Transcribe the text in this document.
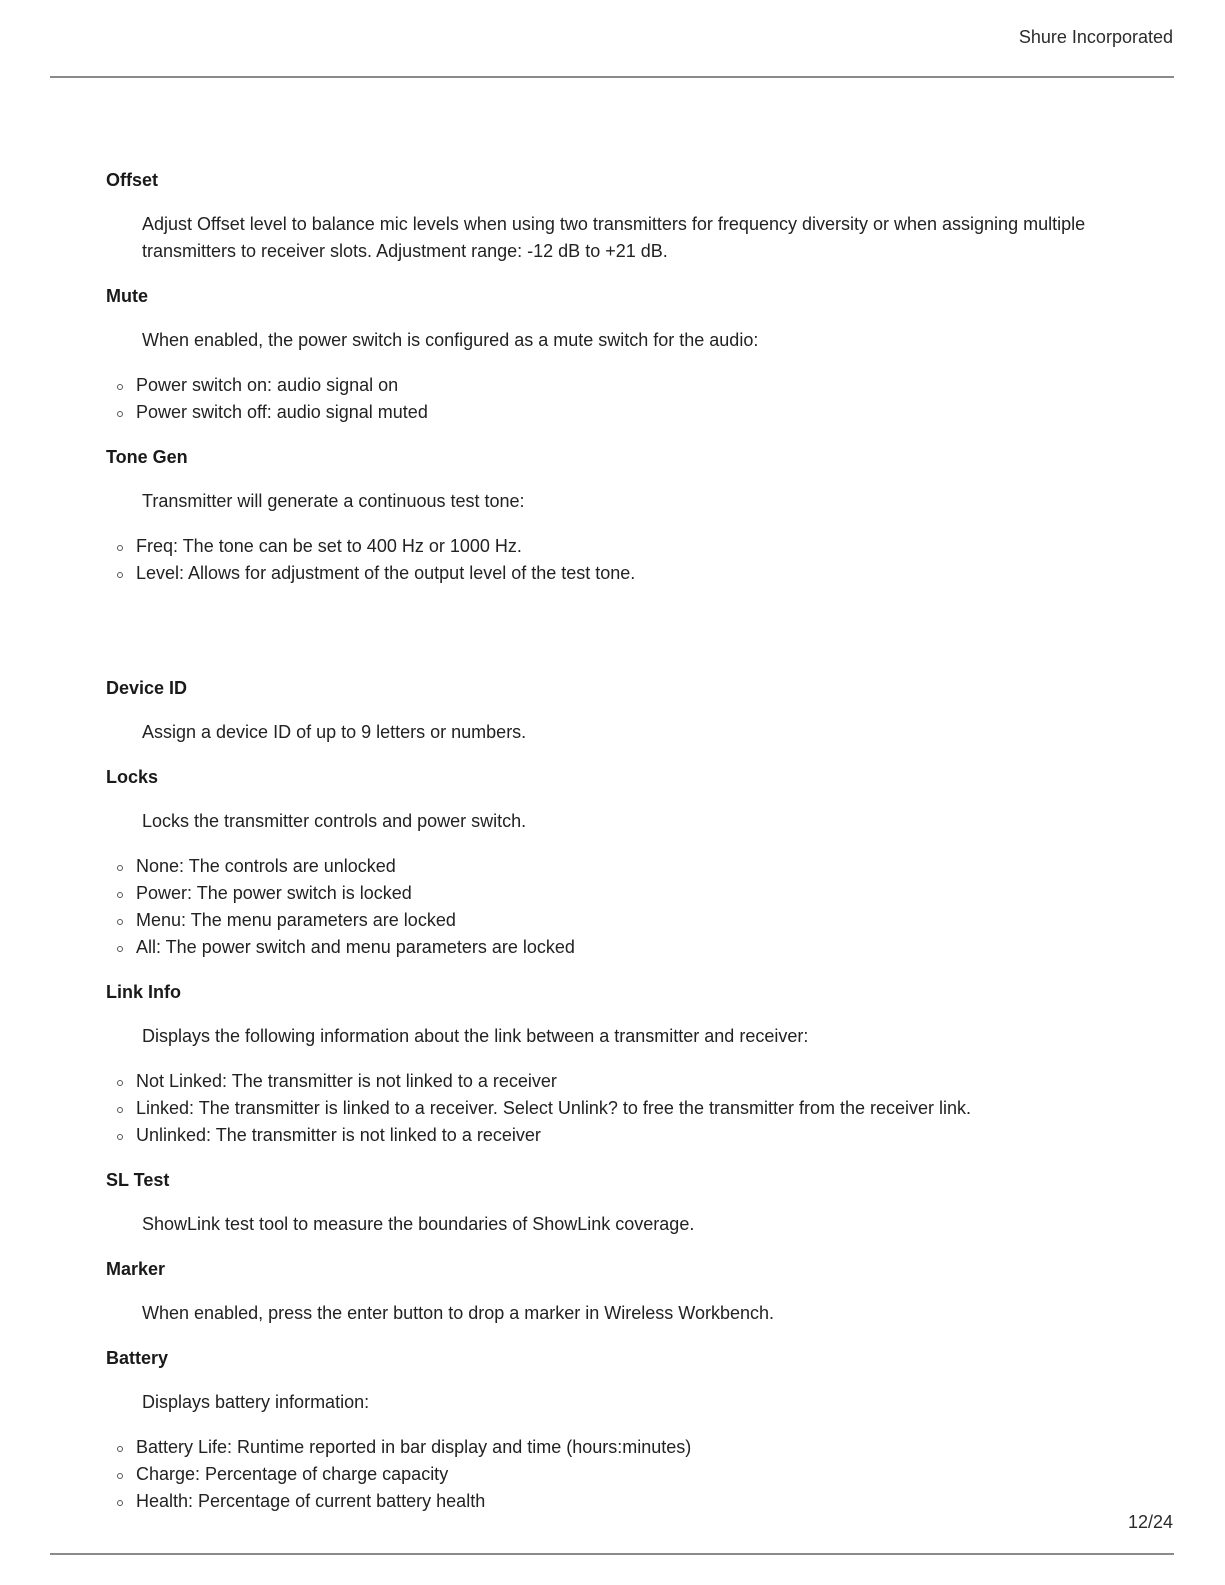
Shure Incorporated
Offset
Adjust Offset level to balance mic levels when using two transmitters for frequency diversity or when assigning multiple transmitters to receiver slots. Adjustment range: -12 dB to +21 dB.
Mute
When enabled, the power switch is configured as a mute switch for the audio:
Power switch on: audio signal on
Power switch off: audio signal muted
Tone Gen
Transmitter will generate a continuous test tone:
Freq: The tone can be set to 400 Hz or 1000 Hz.
Level: Allows for adjustment of the output level of the test tone.
Device ID
Assign a device ID of up to 9 letters or numbers.
Locks
Locks the transmitter controls and power switch.
None: The controls are unlocked
Power: The power switch is locked
Menu: The menu parameters are locked
All: The power switch and menu parameters are locked
Link Info
Displays the following information about the link between a transmitter and receiver:
Not Linked: The transmitter is not linked to a receiver
Linked: The transmitter is linked to a receiver. Select Unlink? to free the transmitter from the receiver link.
Unlinked: The transmitter is not linked to a receiver
SL Test
ShowLink test tool to measure the boundaries of ShowLink coverage.
Marker
When enabled, press the enter button to drop a marker in Wireless Workbench.
Battery
Displays battery information:
Battery Life: Runtime reported in bar display and time (hours:minutes)
Charge: Percentage of charge capacity
Health: Percentage of current battery health
12/24
